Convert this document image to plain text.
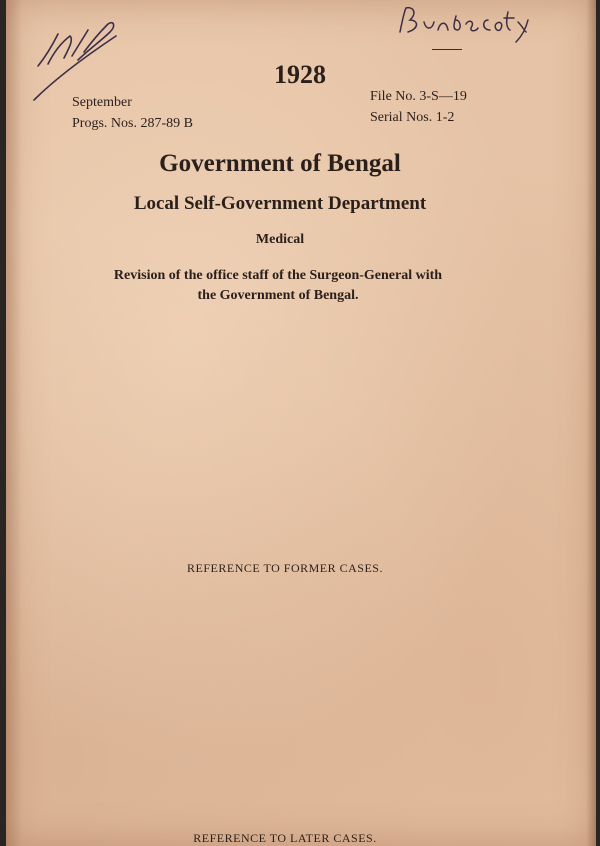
1928
September
Progs. Nos. 287-89 B
File No. 3-S—19
Serial Nos. 1-2
Government of Bengal
Local Self-Government Department
Medical
Revision of the office staff of the Surgeon-General with
the Government of Bengal.
REFERENCE TO FORMER CASES.
REFERENCE TO LATER CASES.
